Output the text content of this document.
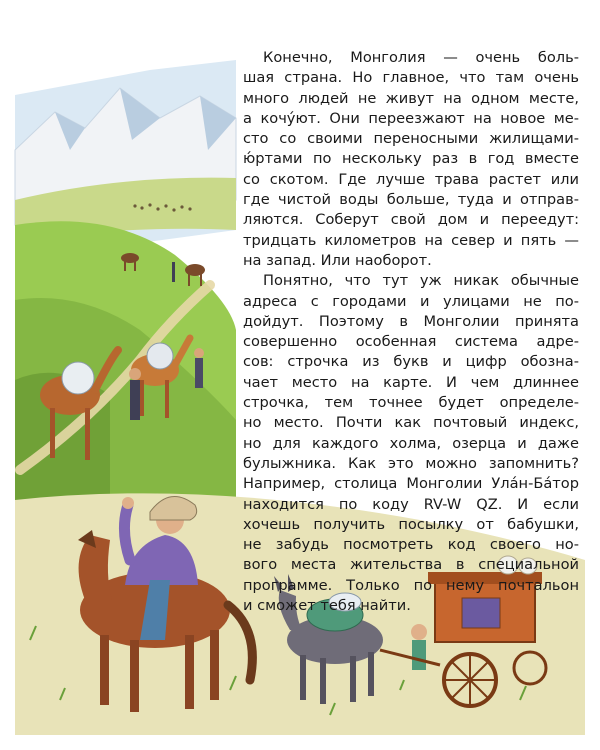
Конечно, Монголия — очень боль-
шая страна. Но главное, что там очень
много людей не живут на одном месте,
а кочу́ют. Они переезжают на новое ме-
сто со своими переносными жилищами-
ю́ртами по нескольку раз в год вместе
со скотом. Где лучше трава растет или
где чистой воды больше, туда и отправ-
ляются. Соберут свой дом и переедут:
тридцать километров на север и пять —
на запад. Или наоборот.

Понятно, что тут уж никак обычные
адреса с городами и улицами не по-
дойдут. Поэтому в Монголии принята
совершенно особенная система адре-
сов: строчка из букв и цифр обозна-
чает место на карте. И чем длиннее
строчка, тем точнее будет определе-
но место. Почти как почтовый индекс,
но для каждого холма, озерца и даже
булыжника. Как это можно запомнить?
Например, столица Монголии Ула́н-Ба́тор
находится по коду RV-W QZ. И если
хочешь получить посылку от бабушки,
не забудь посмотреть код своего но-
вого места жительства в специальной
программе. Только по нему почтальон
и сможет тебя найти.
